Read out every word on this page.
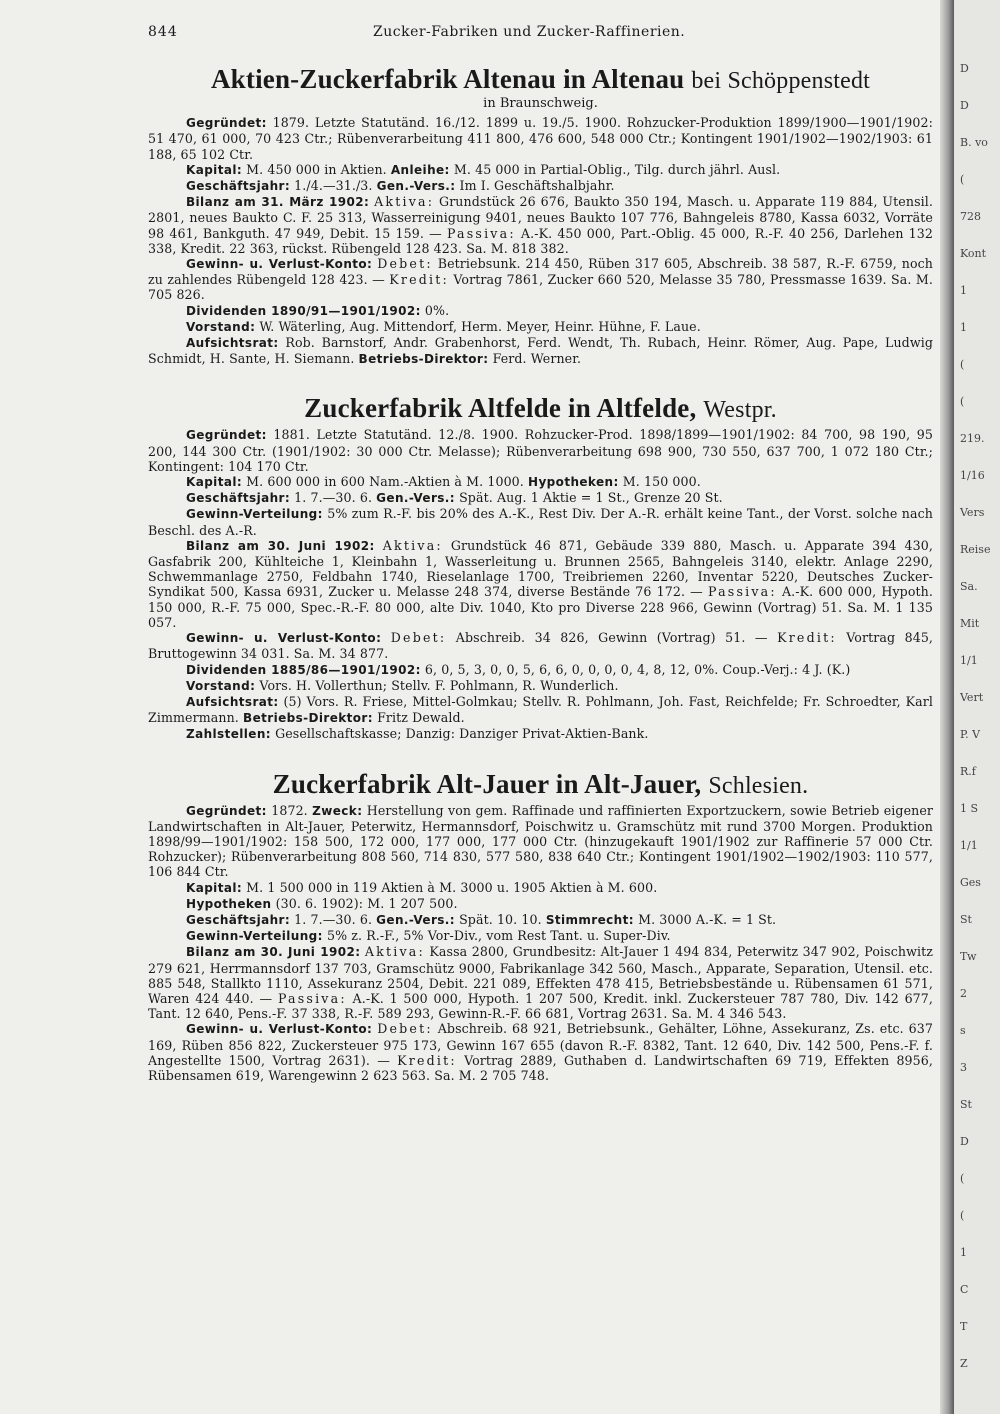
844	Zucker-Fabriken und Zucker-Raffinerien.
Aktien-Zuckerfabrik Altenau in Altenau bei Schöppenstedt
in Braunschweig.

Gegründet: 1879. Letzte Statutänd. 16./12. 1899 u. 19./5. 1900. Rohzucker-Produktion 1899/1900—1901/1902: 51 470, 61 000, 70 423 Ctr.; Rübenverarbeitung 411 800, 476 600, 548 000 Ctr.; Kontingent 1901/1902—1902/1903: 61 188, 65 102 Ctr.

Kapital: M. 450 000 in Aktien. Anleihe: M. 45 000 in Partial-Oblig., Tilg. durch jährl. Ausl.

Geschäftsjahr: 1./4.—31./3. Gen.-Vers.: Im I. Geschäftshalbjahr.

Bilanz am 31. März 1902: Aktiva: Grundstück 26 676, Baukto 350 194, Masch. u. Apparate 119 884, Utensil. 2801, neues Baukto C. F. 25 313, Wasserreinigung 9401, neues Baukto 107 776, Bahngeleis 8780, Kassa 6032, Vorräte 98 461, Bankguth. 47 949, Debit. 15 159. — Passiva: A.-K. 450 000, Part.-Oblig. 45 000, R.-F. 40 256, Darlehen 132 338, Kredit. 22 363, rückst. Rübengeld 128 423. Sa. M. 818 382.

Gewinn- u. Verlust-Konto: Debet: Betriebsunk. 214 450, Rüben 317 605, Abschreib. 38 587, R.-F. 6759, noch zu zahlendes Rübengeld 128 423. — Kredit: Vortrag 7861, Zucker 660 520, Melasse 35 780, Pressmasse 1639. Sa. M. 705 826.

Dividenden 1890/91—1901/1902: 0%.

Vorstand: W. Wäterling, Aug. Mittendorf, Herm. Meyer, Heinr. Hühne, F. Laue.

Aufsichtsrat: Rob. Barnstorf, Andr. Grabenhorst, Ferd. Wendt, Th. Rubach, Heinr. Römer, Aug. Pape, Ludwig Schmidt, H. Sante, H. Siemann. Betriebs-Direktor: Ferd. Werner.

Zuckerfabrik Altfelde in Altfelde, Westpr.

Gegründet: 1881. Letzte Statutänd. 12./8. 1900. Rohzucker-Prod. 1898/1899—1901/1902: 84 700, 98 190, 95 200, 144 300 Ctr. (1901/1902: 30 000 Ctr. Melasse); Rübenverarbeitung 698 900, 730 550, 637 700, 1 072 180 Ctr.; Kontingent: 104 170 Ctr.

Kapital: M. 600 000 in 600 Nam.-Aktien à M. 1000. Hypotheken: M. 150 000.

Geschäftsjahr: 1. 7.—30. 6. Gen.-Vers.: Spät. Aug. 1 Aktie = 1 St., Grenze 20 St.

Gewinn-Verteilung: 5% zum R.-F. bis 20% des A.-K., Rest Div. Der A.-R. erhält keine Tant., der Vorst. solche nach Beschl. des A.-R.

Bilanz am 30. Juni 1902: Aktiva: Grundstück 46 871, Gebäude 339 880, Masch. u. Apparate 394 430, Gasfabrik 200, Kühlteiche 1, Kleinbahn 1, Wasserleitung u. Brunnen 2565, Bahngeleis 3140, elektr. Anlage 2290, Schwemmanlage 2750, Feldbahn 1740, Rieselanlage 1700, Treibriemen 2260, Inventar 5220, Deutsches Zucker-Syndikat 500, Kassa 6931, Zucker u. Melasse 248 374, diverse Bestände 76 172. — Passiva: A.-K. 600 000, Hypoth. 150 000, R.-F. 75 000, Spec.-R.-F. 80 000, alte Div. 1040, Kto pro Diverse 228 966, Gewinn (Vortrag) 51. Sa. M. 1 135 057.

Gewinn- u. Verlust-Konto: Debet: Abschreib. 34 826, Gewinn (Vortrag) 51. — Kredit: Vortrag 845, Bruttogewinn 34 031. Sa. M. 34 877.

Dividenden 1885/86—1901/1902: 6, 0, 5, 3, 0, 0, 5, 6, 6, 0, 0, 0, 0, 4, 8, 12, 0%. Coup.-Verj.: 4 J. (K.)

Vorstand: Vors. H. Vollerthun; Stellv. F. Pohlmann, R. Wunderlich.

Aufsichtsrat: (5) Vors. R. Friese, Mittel-Golmkau; Stellv. R. Pohlmann, Joh. Fast, Reichfelde; Fr. Schroedter, Karl Zimmermann. Betriebs-Direktor: Fritz Dewald.

Zahlstellen: Gesellschaftskasse; Danzig: Danziger Privat-Aktien-Bank.

Zuckerfabrik Alt-Jauer in Alt-Jauer, Schlesien.

Gegründet: 1872. Zweck: Herstellung von gem. Raffinade und raffinierten Exportzuckern, sowie Betrieb eigener Landwirtschaften in Alt-Jauer, Peterwitz, Hermannsdorf, Poischwitz u. Gramschütz mit rund 3700 Morgen. Produktion 1898/99—1901/1902: 158 500, 172 000, 177 000, 177 000 Ctr. (hinzugekauft 1901/1902 zur Raffinerie 57 000 Ctr. Rohzucker); Rübenverarbeitung 808 560, 714 830, 577 580, 838 640 Ctr.; Kontingent 1901/1902—1902/1903: 110 577, 106 844 Ctr.

Kapital: M. 1 500 000 in 119 Aktien à M. 3000 u. 1905 Aktien à M. 600.

Hypotheken (30. 6. 1902): M. 1 207 500.

Geschäftsjahr: 1. 7.—30. 6. Gen.-Vers.: Spät. 10. 10. Stimmrecht: M. 3000 A.-K. = 1 St.

Gewinn-Verteilung: 5% z. R.-F., 5% Vor-Div., vom Rest Tant. u. Super-Div.

Bilanz am 30. Juni 1902: Aktiva: Kassa 2800, Grundbesitz: Alt-Jauer 1 494 834, Peterwitz 347 902, Poischwitz 279 621, Herrmannsdorf 137 703, Gramschütz 9000, Fabrikanlage 342 560, Masch., Apparate, Separation, Utensil. etc. 885 548, Stallkto 1110, Assekuranz 2504, Debit. 221 089, Effekten 478 415, Betriebsbestände u. Rübensamen 61 571, Waren 424 440. — Passiva: A.-K. 1 500 000, Hypoth. 1 207 500, Kredit. inkl. Zuckersteuer 787 780, Div. 142 677, Tant. 12 640, Pens.-F. 37 338, R.-F. 589 293, Gewinn-R.-F. 66 681, Vortrag 2631. Sa. M. 4 346 543.

Gewinn- u. Verlust-Konto: Debet: Abschreib. 68 921, Betriebsunk., Gehälter, Löhne, Assekuranz, Zs. etc. 637 169, Rüben 856 822, Zuckersteuer 975 173, Gewinn 167 655 (davon R.-F. 8382, Tant. 12 640, Div. 142 500, Pens.-F. f. Angestellte 1500, Vortrag 2631). — Kredit: Vortrag 2889, Guthaben d. Landwirtschaften 69 719, Effekten 8956, Rübensamen 619, Warengewinn 2 623 563. Sa. M. 2 705 748.

D
D
B. vo
(
728
Kont
1
1
(
(
219.
1/16
Vers
Reise
Sa.
Mit
1/1
Vert
P. V
R.f
1 S
1/1
Ges
St
Tw
2
s
3
St
D
(
(
1
C
T
Z
